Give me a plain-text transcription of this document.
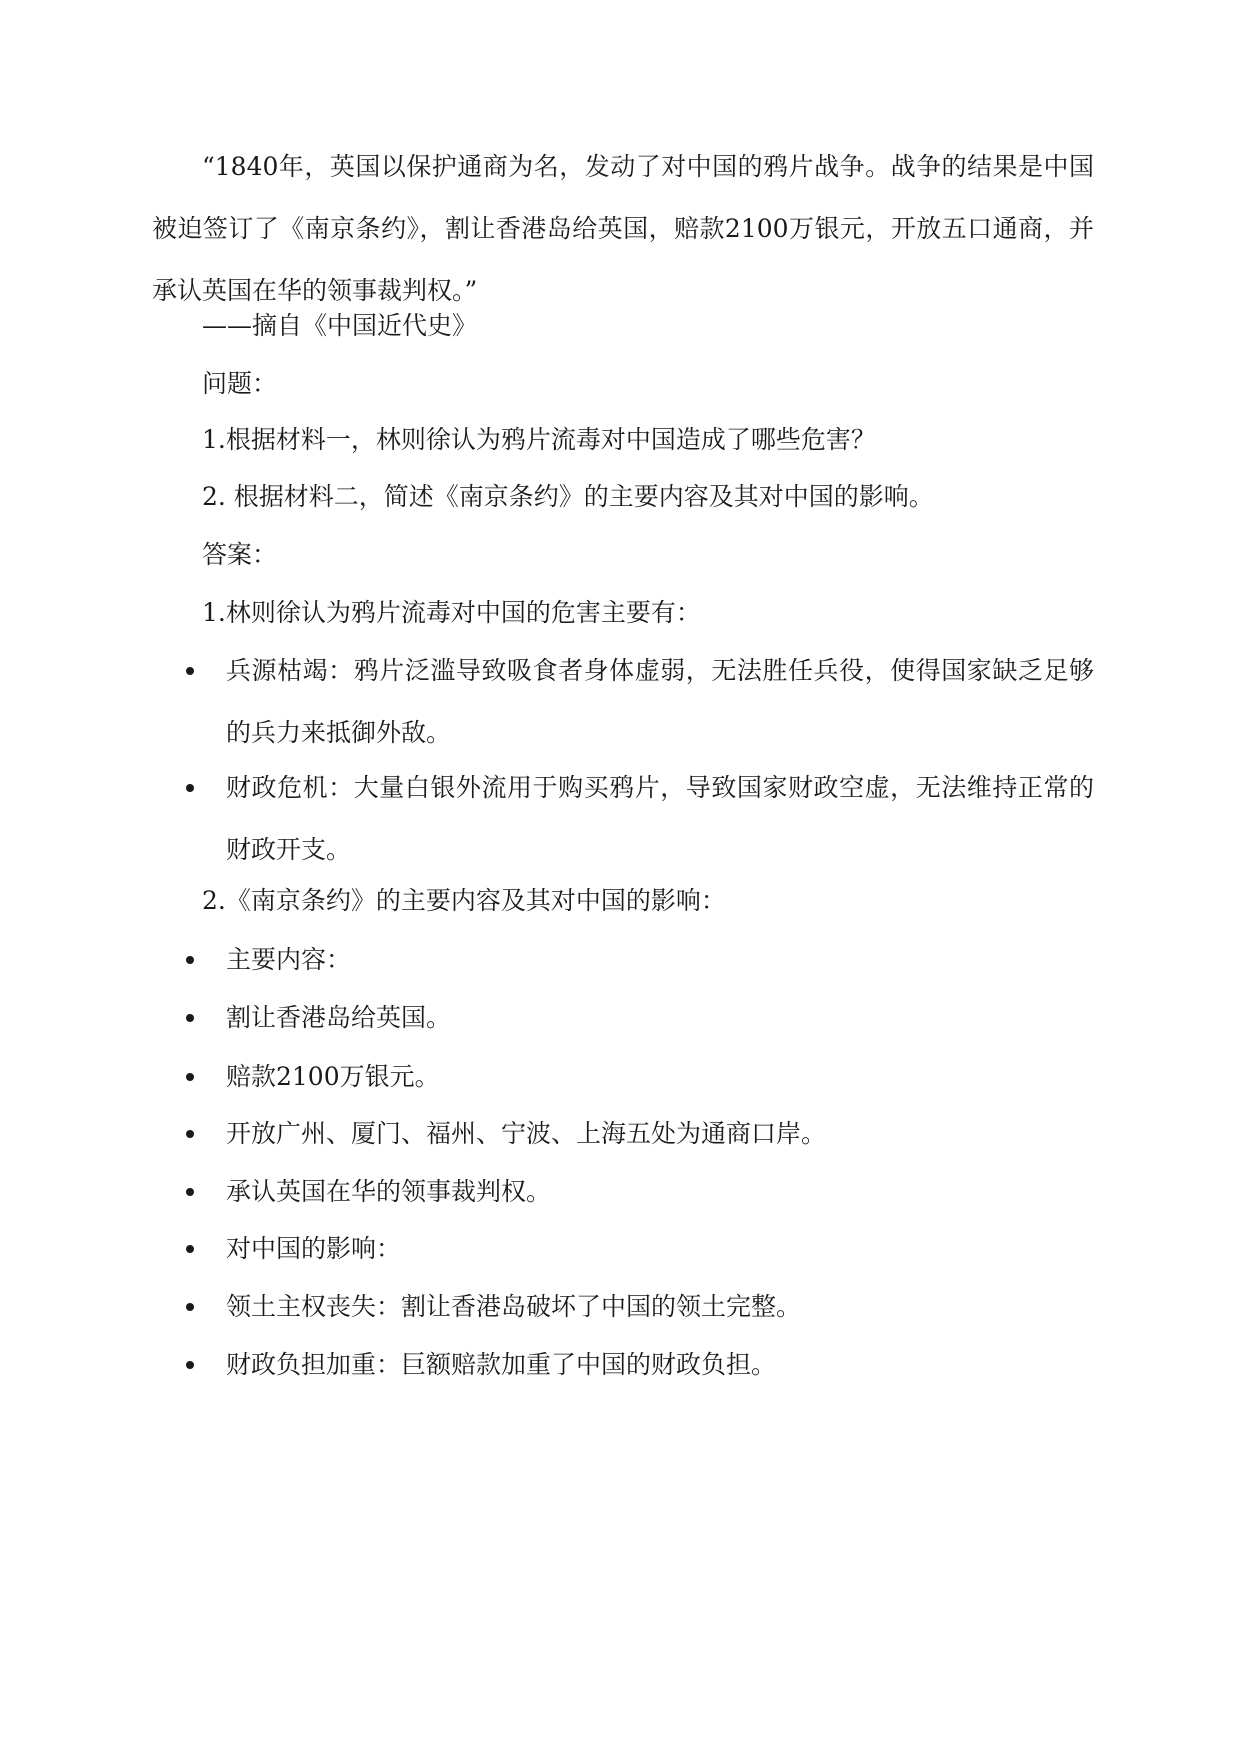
“1840年，英国以保护通商为名，发动了对中国的鸦片战争。战争的结果是中国被迫签订了《南京条约》，割让香港岛给英国，赔款2100万银元，开放五口通商，并承认英国在华的领事裁判权。”

——摘自《中国近代史》
问题：
1.根据材料一，林则徐认为鸦片流毒对中国造成了哪些危害？
2. 根据材料二，简述《南京条约》的主要内容及其对中国的影响。
答案：
1.林则徐认为鸦片流毒对中国的危害主要有：
兵源枯竭：鸦片泛滥导致吸食者身体虚弱，无法胜任兵役，使得国家缺乏足够的兵力来抵御外敌。
财政危机：大量白银外流用于购买鸦片，导致国家财政空虚，无法维持正常的财政开支。
2.《南京条约》的主要内容及其对中国的影响：
主要内容：
割让香港岛给英国。
赔款2100万银元。
开放广州、厦门、福州、宁波、上海五处为通商口岸。
承认英国在华的领事裁判权。
对中国的影响：
领土主权丧失：割让香港岛破坏了中国的领土完整。
财政负担加重：巨额赔款加重了中国的财政负担。
